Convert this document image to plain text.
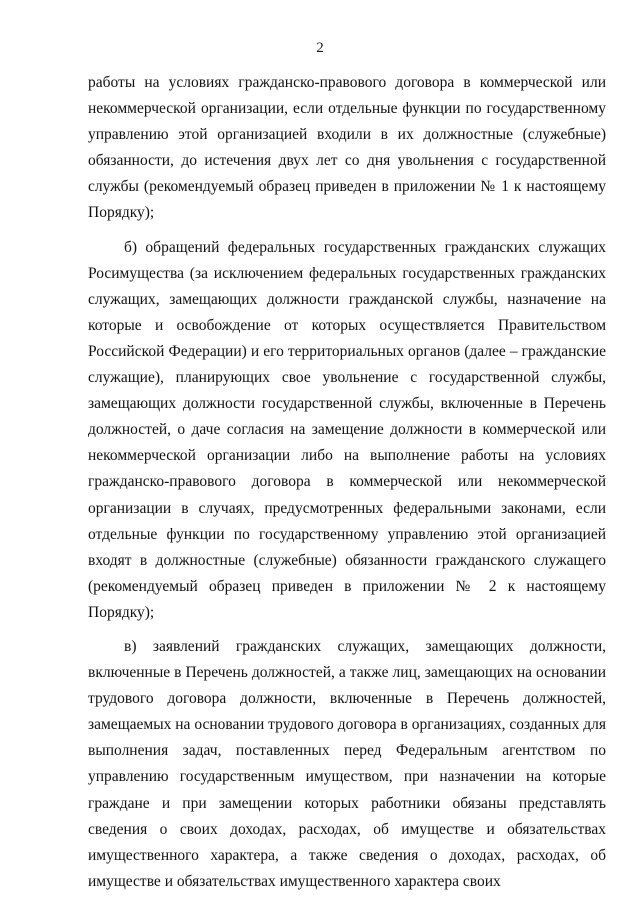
2

работы на условиях гражданско-правового договора в коммерческой или некоммерческой организации, если отдельные функции по государственному управлению этой организацией входили в их должностные (служебные) обязанности, до истечения двух лет со дня увольнения с государственной службы (рекомендуемый образец приведен в приложении № 1 к настоящему Порядку);

б) обращений федеральных государственных гражданских служащих Росимущества (за исключением федеральных государственных гражданских служащих, замещающих должности гражданской службы, назначение на которые и освобождение от которых осуществляется Правительством Российской Федерации) и его территориальных органов (далее – гражданские служащие), планирующих свое увольнение с государственной службы, замещающих должности государственной службы, включенные в Перечень должностей, о даче согласия на замещение должности в коммерческой или некоммерческой организации либо на выполнение работы на условиях гражданско-правового договора в коммерческой или некоммерческой организации в случаях, предусмотренных федеральными законами, если отдельные функции по государственному управлению этой организацией входят в должностные (служебные) обязанности гражданского служащего (рекомендуемый образец приведен в приложении № 2 к настоящему Порядку);

в) заявлений гражданских служащих, замещающих должности, включенные в Перечень должностей, а также лиц, замещающих на основании трудового договора должности, включенные в Перечень должностей, замещаемых на основании трудового договора в организациях, созданных для выполнения задач, поставленных перед Федеральным агентством по управлению государственным имуществом, при назначении на которые граждане и при замещении которых работники обязаны представлять сведения о своих доходах, расходах, об имуществе и обязательствах имущественного характера, а также сведения о доходах, расходах, об имуществе и обязательствах имущественного характера своих
